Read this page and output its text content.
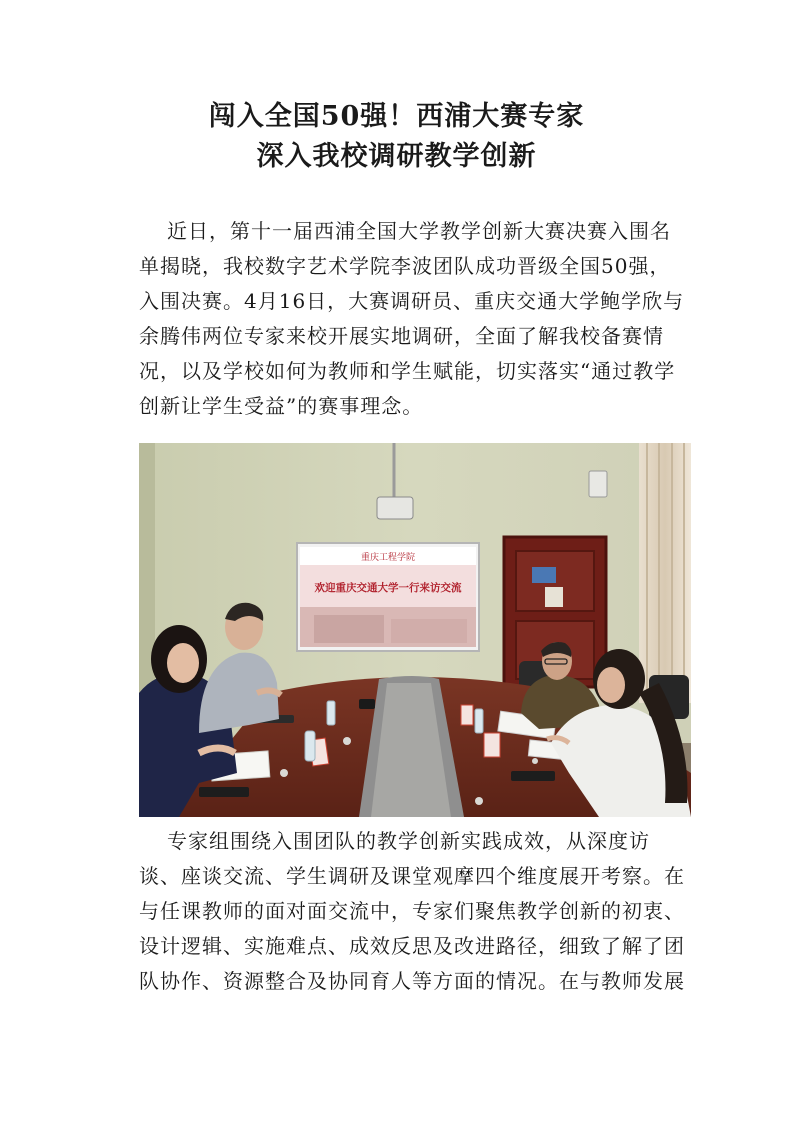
闯入全国50强！西浦大赛专家
深入我校调研教学创新
近日，第十一届西浦全国大学教学创新大赛决赛入围名
单揭晓，我校数字艺术学院李波团队成功晋级全国50强，
入围决赛。4月16日，大赛调研员、重庆交通大学鲍学欣与
余腾伟两位专家来校开展实地调研，全面了解我校备赛情
况，以及学校如何为教师和学生赋能，切实落实“通过教学
创新让学生受益”的赛事理念。
重庆工程学院
欢迎重庆交通大学一行来访交流
专家组围绕入围团队的教学创新实践成效，从深度访
谈、座谈交流、学生调研及课堂观摩四个维度展开考察。在
与任课教师的面对面交流中，专家们聚焦教学创新的初衷、
设计逻辑、实施难点、成效反思及改进路径，细致了解了团
队协作、资源整合及协同育人等方面的情况。在与教师发展
